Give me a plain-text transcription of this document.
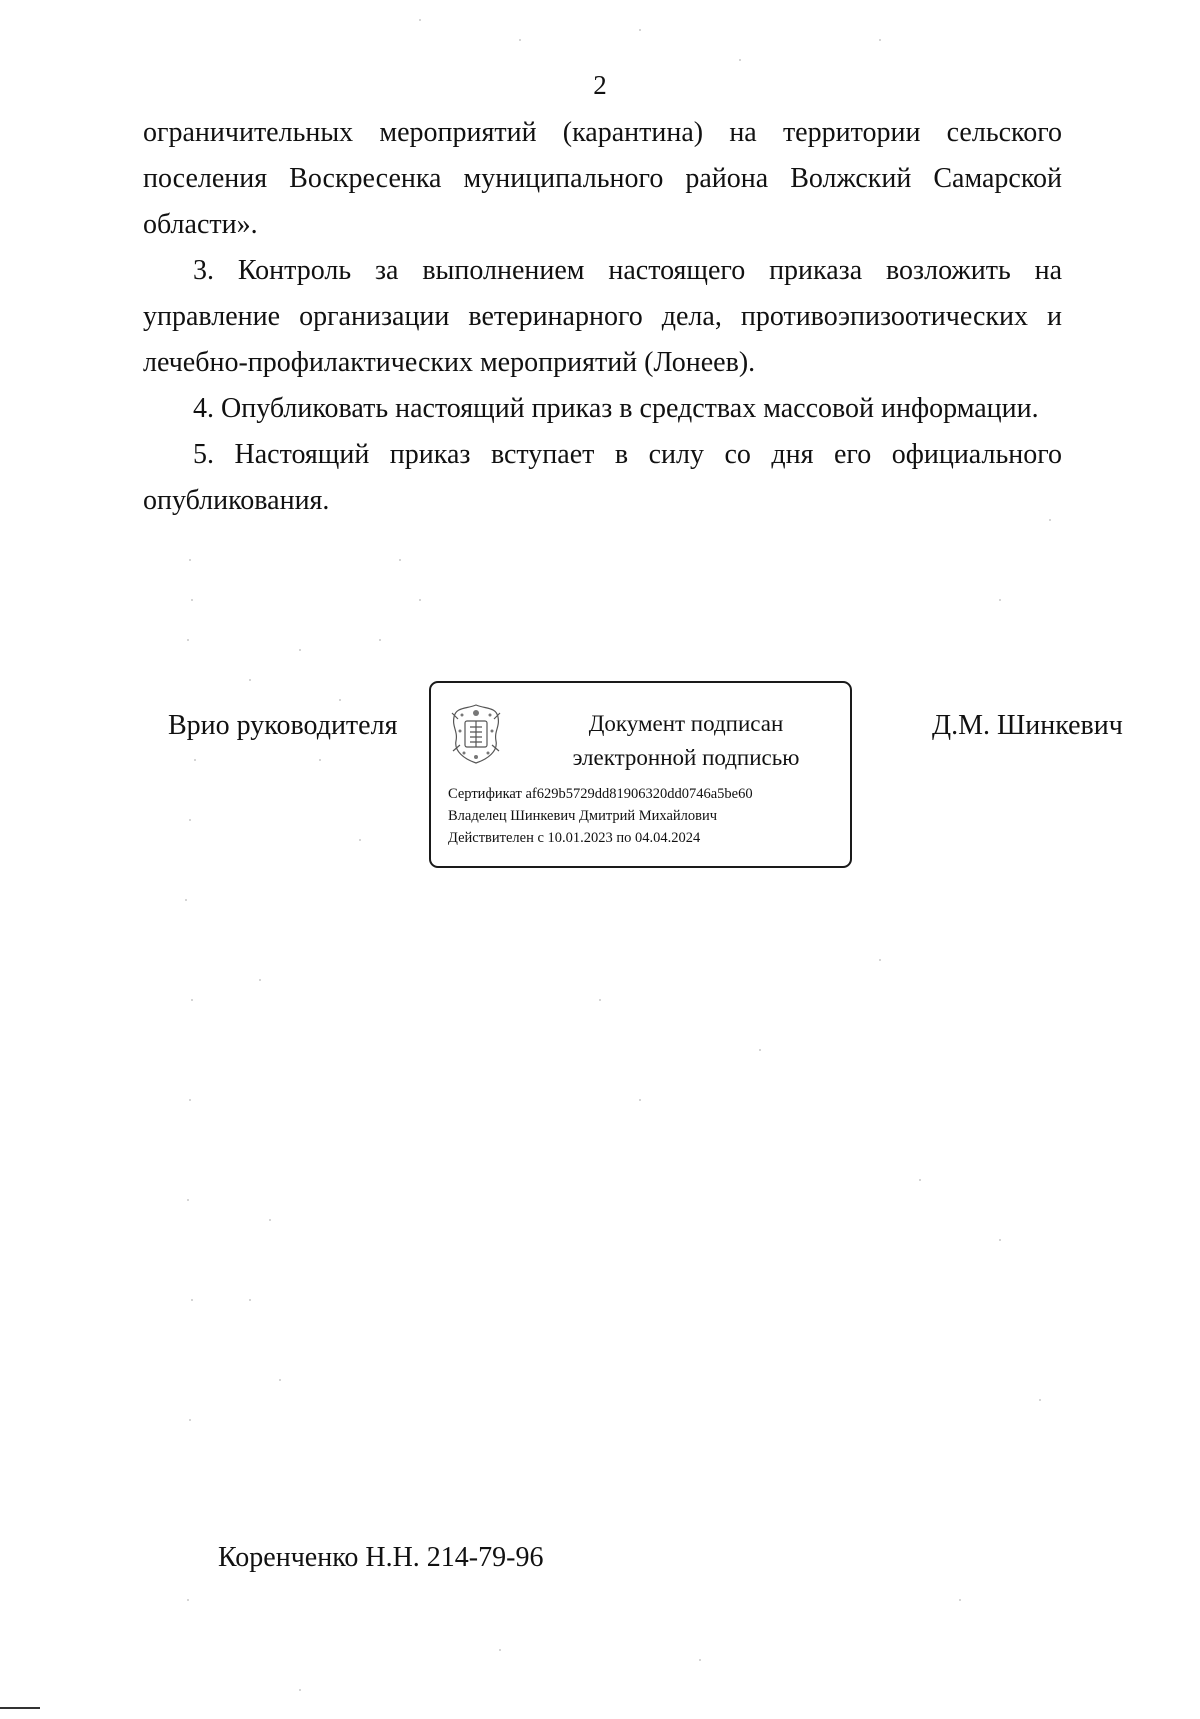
2

ограничительных мероприятий (карантина) на территории сельского поселения Воскресенка муниципального района Волжский Самарской области».

3. Контроль за выполнением настоящего приказа возложить на управление организации ветеринарного дела, противоэпизоотических и лечебно-профилактических мероприятий (Лонеев).

4. Опубликовать настоящий приказ в средствах массовой информации.

5. Настоящий приказ вступает в силу со дня его официального опубликования.

Врио руководителя	Документ подписан
электронной подписью
Сертификат af629b5729dd81906320dd0746a5be60
Владелец Шинкевич Дмитрий Михайлович
Действителен с 10.01.2023 по 04.04.2024
Д.М. Шинкевич
Коренченко Н.Н. 214-79-96
